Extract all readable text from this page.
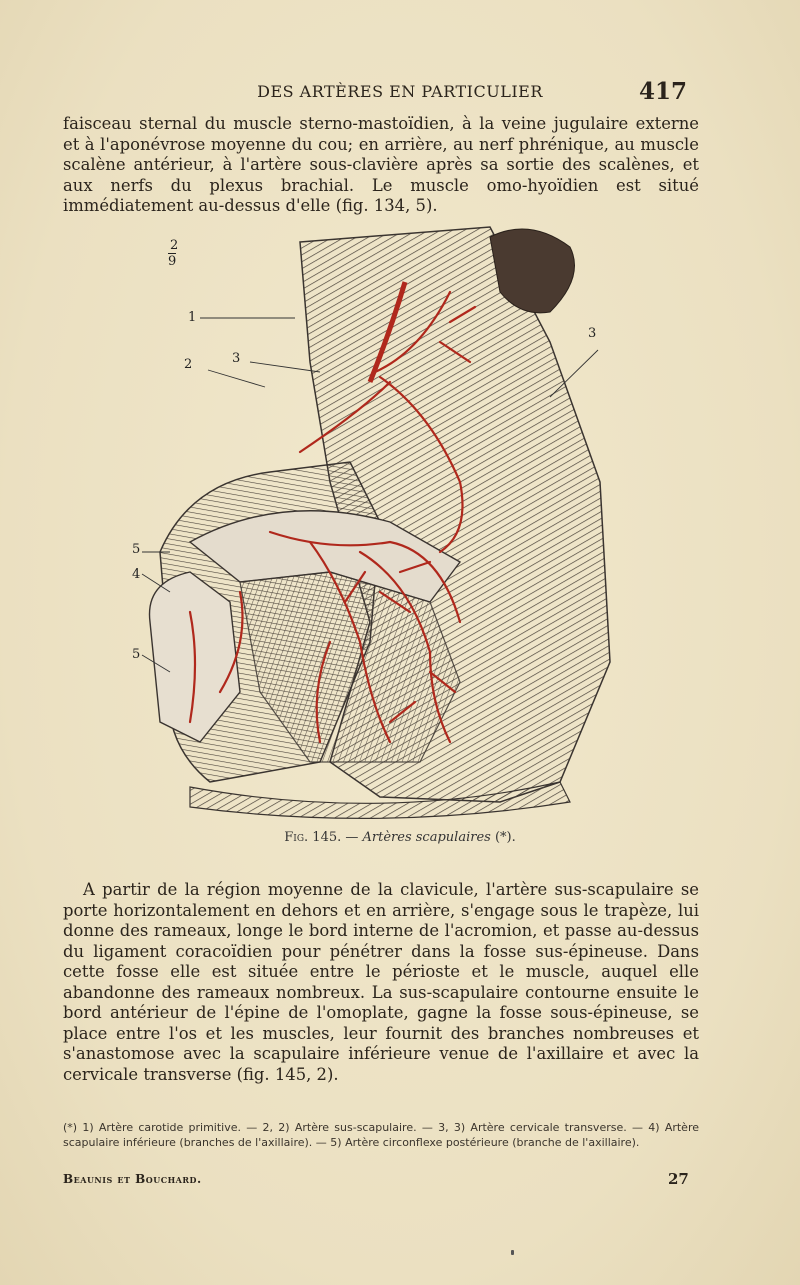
DES ARTÈRES EN PARTICULIER	417

faisceau sternal du muscle sterno-mastoïdien, à la veine jugulaire externe et à l'aponévrose moyenne du cou; en arrière, au nerf phrénique, au muscle scalène antérieur, à l'artère sous-clavière après sa sortie des scalènes, et aux nerfs du plexus brachial. Le muscle omo-hyoïdien est situé immédiatement au-dessus d'elle (fig. 134, 5).

2
9
1
2	3
3
5
4
5
Fig. 145. — Artères scapulaires (*).

A partir de la région moyenne de la clavicule, l'artère sus-scapulaire se porte horizontalement en dehors et en arrière, s'engage sous le trapèze, lui donne des rameaux, longe le bord interne de l'acromion, et passe au-dessus du ligament coracoïdien pour pénétrer dans la fosse sus-épineuse. Dans cette fosse elle est située entre le périoste et le muscle, auquel elle abandonne des rameaux nombreux. La sus-scapulaire contourne ensuite le bord antérieur de l'épine de l'omoplate, gagne la fosse sous-épineuse, se place entre l'os et les muscles, leur fournit des branches nombreuses et s'anastomose avec la scapulaire inférieure venue de l'axillaire et avec la cervicale transverse (fig. 145, 2).

(*) 1) Artère carotide primitive. — 2, 2) Artère sus-scapulaire. — 3, 3) Artère cervicale transverse. — 4) Artère scapulaire inférieure (branches de l'axillaire). — 5) Artère circonflexe postérieure (branche de l'axillaire).

Beaunis et Bouchard.	27
